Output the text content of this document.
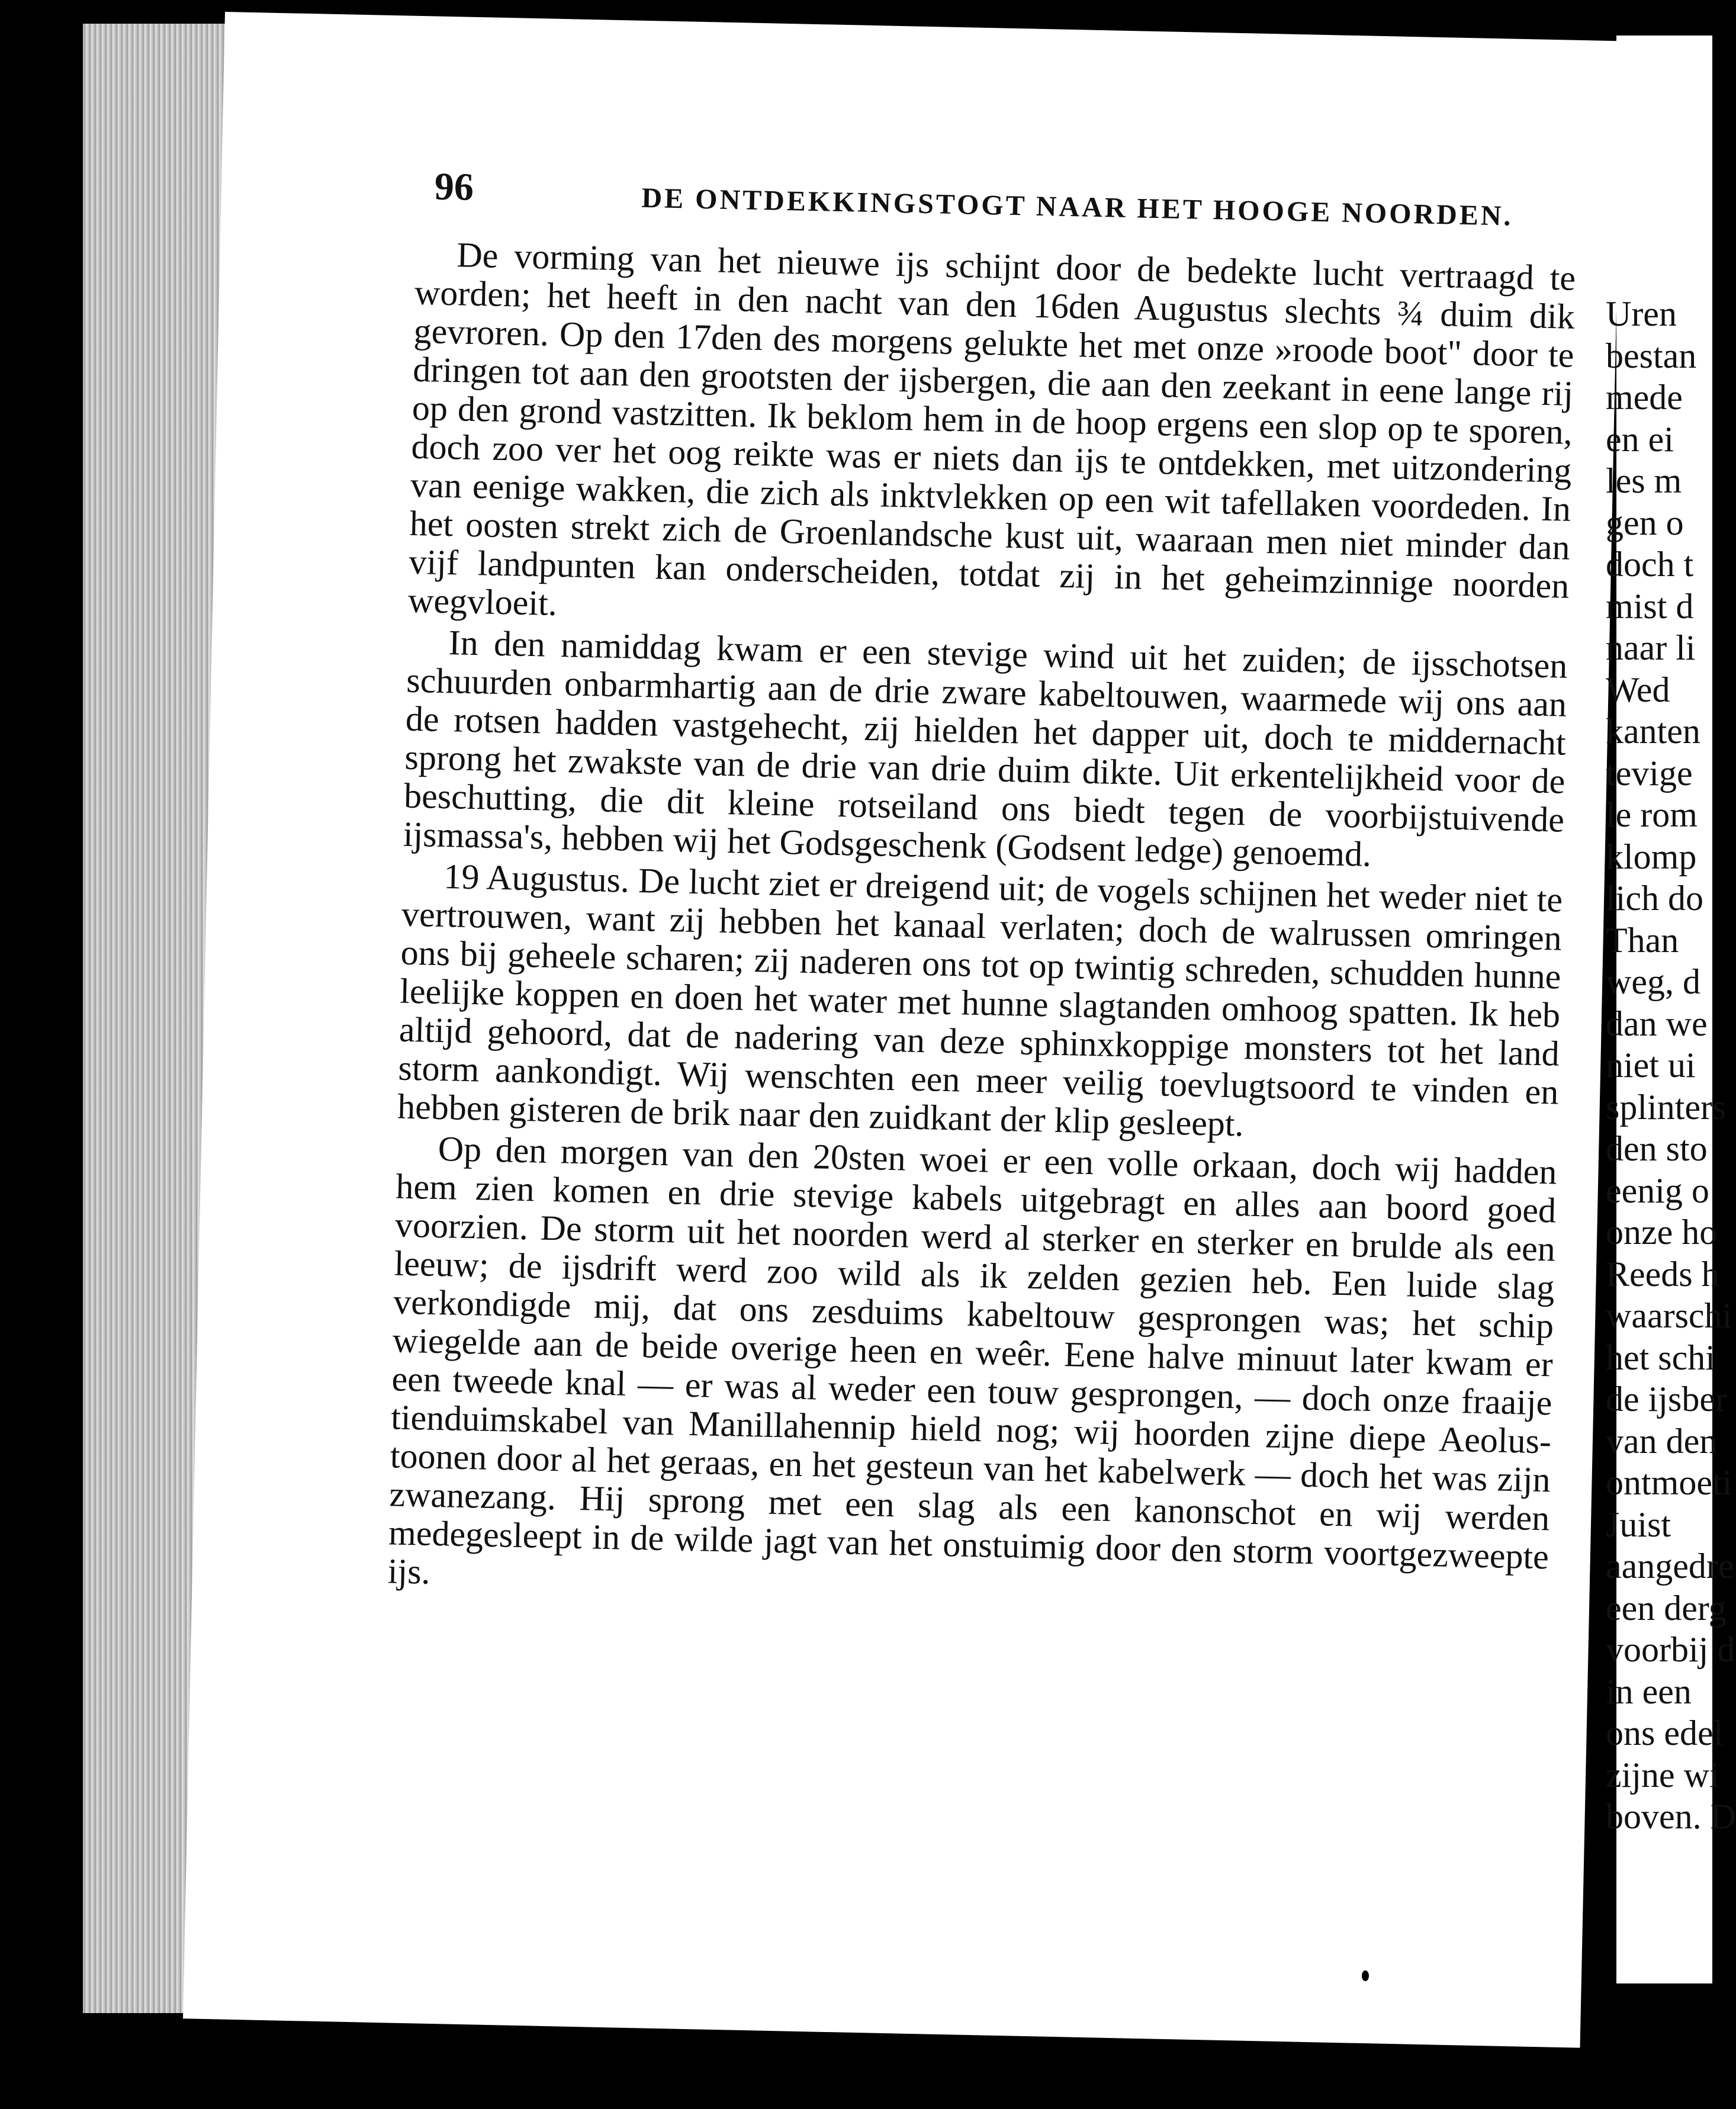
96	DE ONTDEKKINGSTOGT NAAR HET HOOGE NOORDEN.

De vorming van het nieuwe ijs schijnt door de bedekte lucht vertraagd te worden; het heeft in den nacht van den 16den Augustus slechts ¾ duim dik gevroren. Op den 17den des morgens gelukte het met onze »roode boot" door te dringen tot aan den grootsten der ijsbergen, die aan den zeekant in eene lange rij op den grond vastzitten. Ik beklom hem in de hoop ergens een slop op te sporen, doch zoo ver het oog reikte was er niets dan ijs te ontdekken, met uitzondering van eenige wakken, die zich als inktvlekken op een wit tafellaken voordeden. In het oosten strekt zich de Groenlandsche kust uit, waaraan men niet minder dan vijf landpunten kan onderscheiden, totdat zij in het geheimzinnige noorden wegvloeit.

In den namiddag kwam er een stevige wind uit het zuiden; de ijsschotsen schuurden onbarmhartig aan de drie zware kabeltouwen, waarmede wij ons aan de rotsen hadden vastgehecht, zij hielden het dapper uit, doch te middernacht sprong het zwakste van de drie van drie duim dikte. Uit erkentelijkheid voor de beschutting, die dit kleine rotseiland ons biedt tegen de voorbijstuivende ijsmassa's, hebben wij het Godsgeschenk (Godsent ledge) genoemd.

19 Augustus. De lucht ziet er dreigend uit; de vogels schijnen het weder niet te vertrouwen, want zij hebben het kanaal verlaten; doch de walrussen omringen ons bij geheele scharen; zij naderen ons tot op twintig schreden, schudden hunne leelijke koppen en doen het water met hunne slagtanden omhoog spatten. Ik heb altijd gehoord, dat de nadering van deze sphinxkoppige monsters tot het land storm aankondigt. Wij wenschten een meer veilig toevlugtsoord te vinden en hebben gisteren de brik naar den zuidkant der klip gesleept.

Op den morgen van den 20sten woei er een volle orkaan, doch wij hadden hem zien komen en drie stevige kabels uitgebragt en alles aan boord goed voorzien. De storm uit het noorden werd al sterker en sterker en brulde als een leeuw; de ijsdrift werd zoo wild als ik zelden gezien heb. Een luide slag verkondigde mij, dat ons zesduims kabeltouw gesprongen was; het schip wiegelde aan de beide overige heen en weêr. Eene halve minuut later kwam er een tweede knal — er was al weder een touw gesprongen, — doch onze fraaije tienduimskabel van Manillahennip hield nog; wij hoorden zijne diepe Aeolus-toonen door al het geraas, en het gesteun van het kabelwerk — doch het was zijn zwanezang. Hij sprong met een slag als een kanonschot en wij werden medegesleept in de wilde jagt van het onstuimig door den storm voortgezweepte ijs.

Uren
bestan
mede
en ei
les m
gen o
doch t
mist d
naar li
Wed
kanten
tevige
le rom
klomp
lich do
Than
weg, d
dan we
niet ui
splinters
den sto
eenig o
onze ho
Reeds h
waarschi
het schi
de ijsber
van den
ontmoeti
Juist
aangedre
een derg
voorbij d
in een
ons edel
zijne wi
boven. D
